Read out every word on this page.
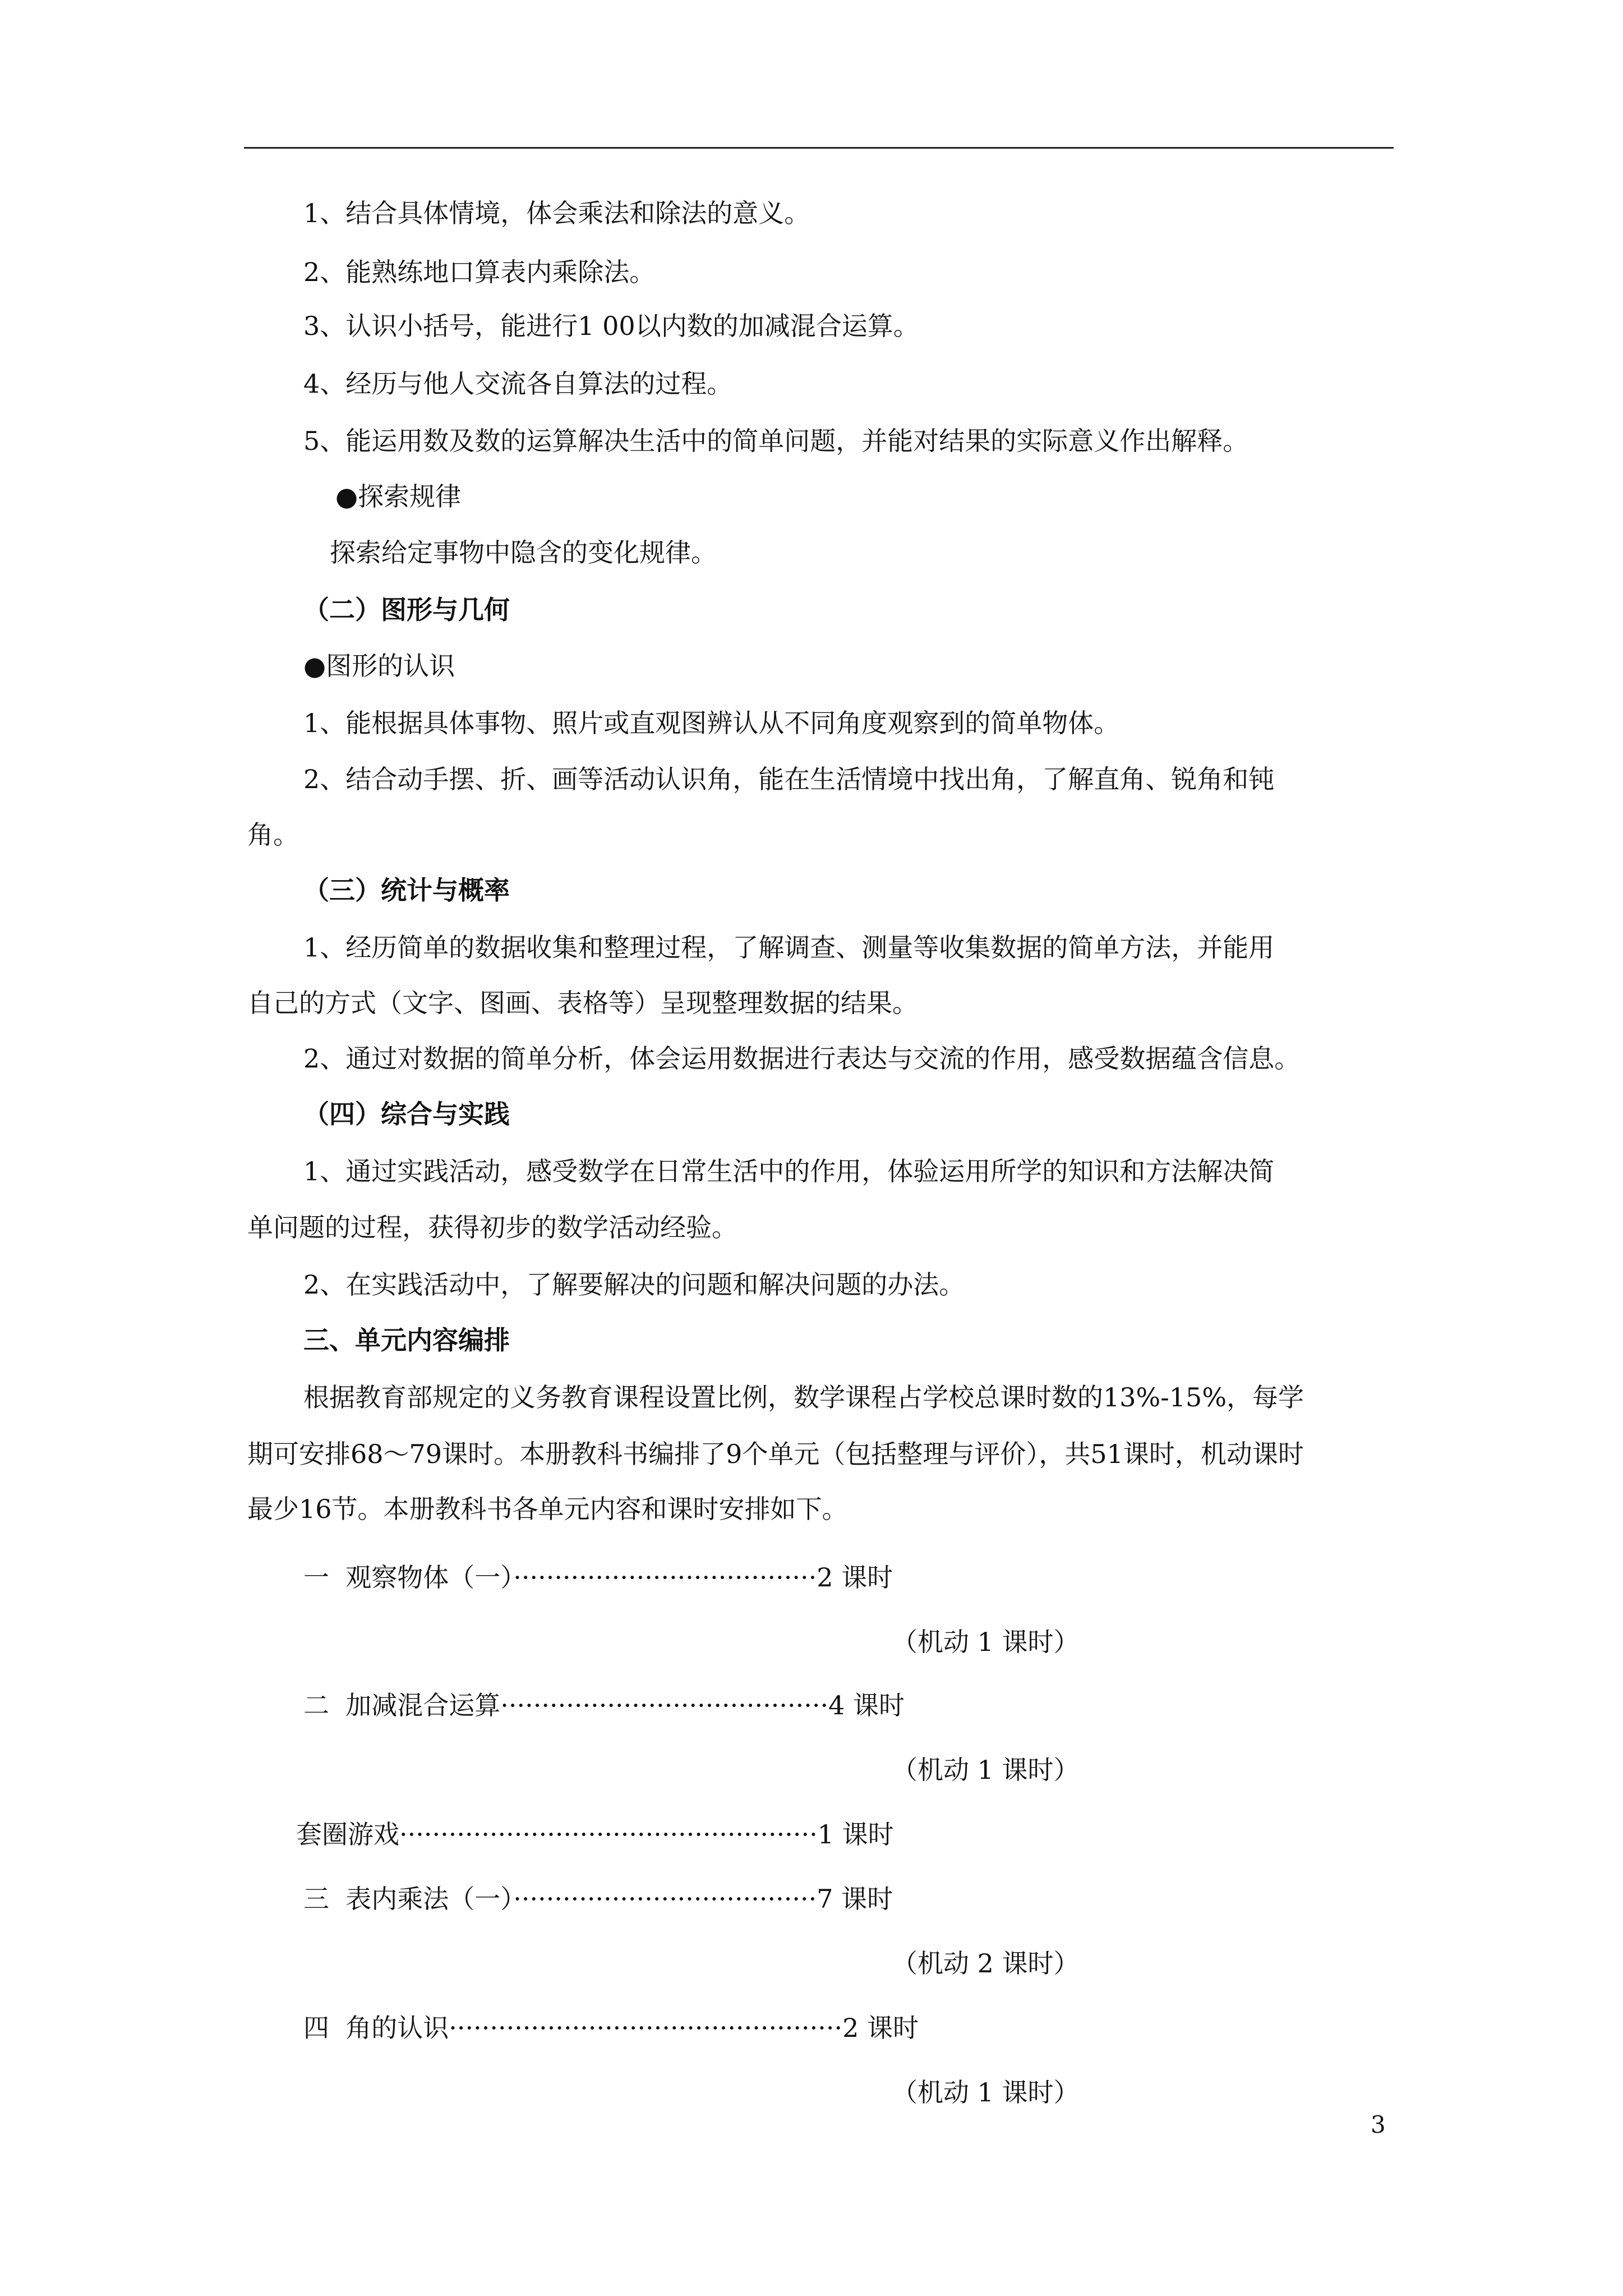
1、结合具体情境，体会乘法和除法的意义。
2、能熟练地口算表内乘除法。
3、认识小括号，能进行1 00以内数的加减混合运算。
4、经历与他人交流各自算法的过程。
5、能运用数及数的运算解决生活中的简单问题，并能对结果的实际意义作出解释。
●探索规律
探索给定事物中隐含的变化规律。
（二）图形与几何
●图形的认识
1、能根据具体事物、照片或直观图辨认从不同角度观察到的简单物体。
2、结合动手摆、折、画等活动认识角，能在生活情境中找出角，了解直角、锐角和钝
角。
（三）统计与概率
1、经历简单的数据收集和整理过程，了解调查、测量等收集数据的简单方法，并能用
自己的方式（文字、图画、表格等）呈现整理数据的结果。
2、通过对数据的简单分析，体会运用数据进行表达与交流的作用，感受数据蕴含信息。
（四）综合与实践
1、通过实践活动，感受数学在日常生活中的作用，体验运用所学的知识和方法解决简
单问题的过程，获得初步的数学活动经验。
2、在实践活动中，了解要解决的问题和解决问题的办法。
三、单元内容编排
根据教育部规定的义务教育课程设置比例，数学课程占学校总课时数的13%-15%，每学
期可安排68～79课时。本册教科书编排了9个单元（包括整理与评价），共51课时，机动课时
最少16节。本册教科书各单元内容和课时安排如下。
一  观察物体（一）·····································2 课时
（机动 1 课时）
二  加减混合运算········································4 课时
（机动 1 课时）
套圈游戏···················································1 课时
三  表内乘法（一）·····································7 课时
（机动 2 课时）
四  角的认识················································2 课时
（机动 1 课时）
3
